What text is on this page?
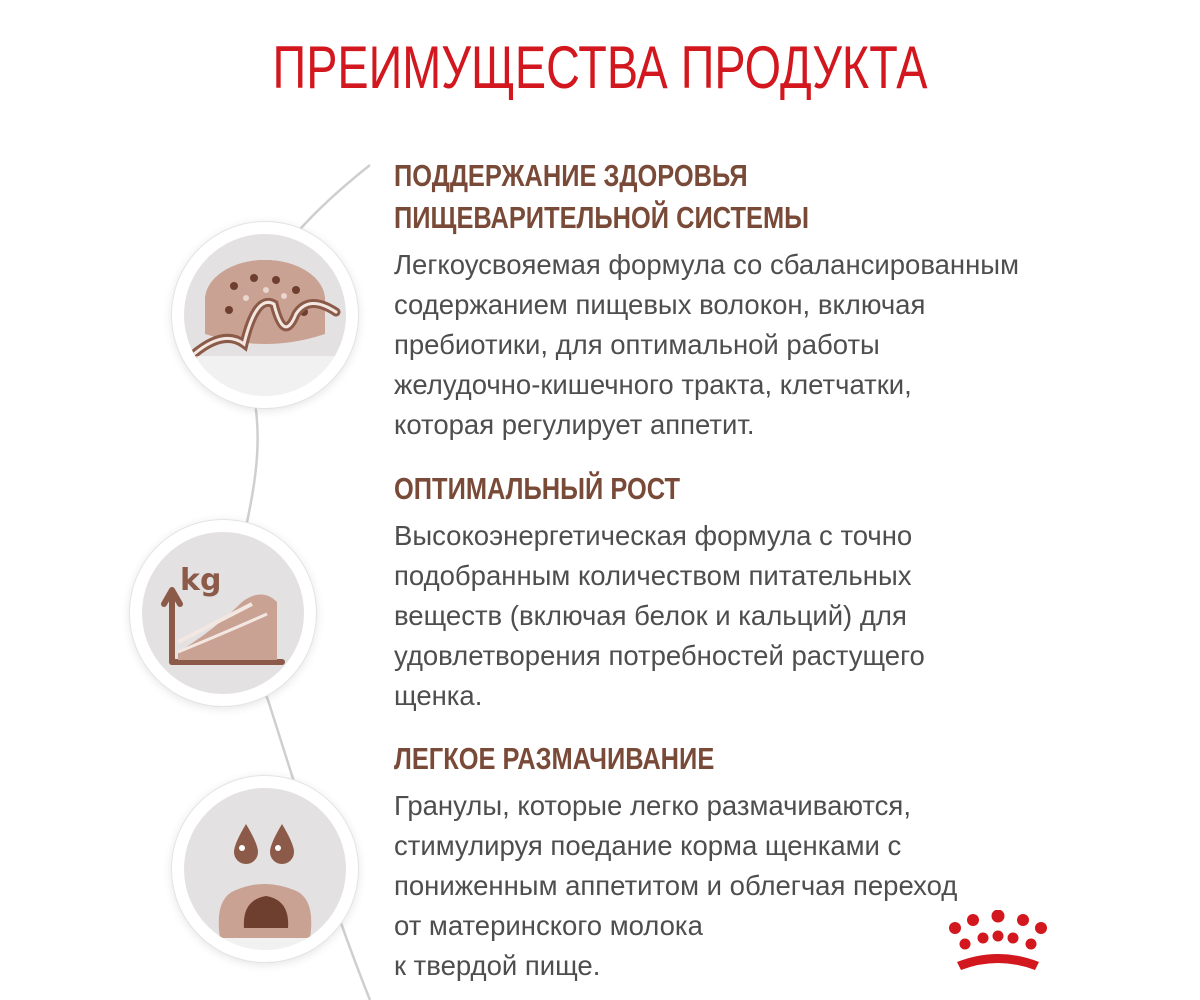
ПРЕИМУЩЕСТВА ПРОДУКТА
kg
ПОДДЕРЖАНИЕ ЗДОРОВЬЯ
ПИЩЕВАРИТЕЛЬНОЙ СИСТЕМЫ
Легкоусвояемая формула со сбалансированным
содержанием пищевых волокон, включая
пребиотики, для оптимальной работы
желудочно-кишечного тракта, клетчатки,
которая регулирует аппетит.
ОПТИМАЛЬНЫЙ РОСТ
Высокоэнергетическая формула с точно
подобранным количеством питательных
веществ (включая белок и кальций) для
удовлетворения потребностей растущего
щенка.
ЛЕГКОЕ РАЗМАЧИВАНИЕ
Гранулы, которые легко размачиваются,
стимулируя поедание корма щенками с
пониженным аппетитом и облегчая переход
от материнского молока
к твердой пище.
